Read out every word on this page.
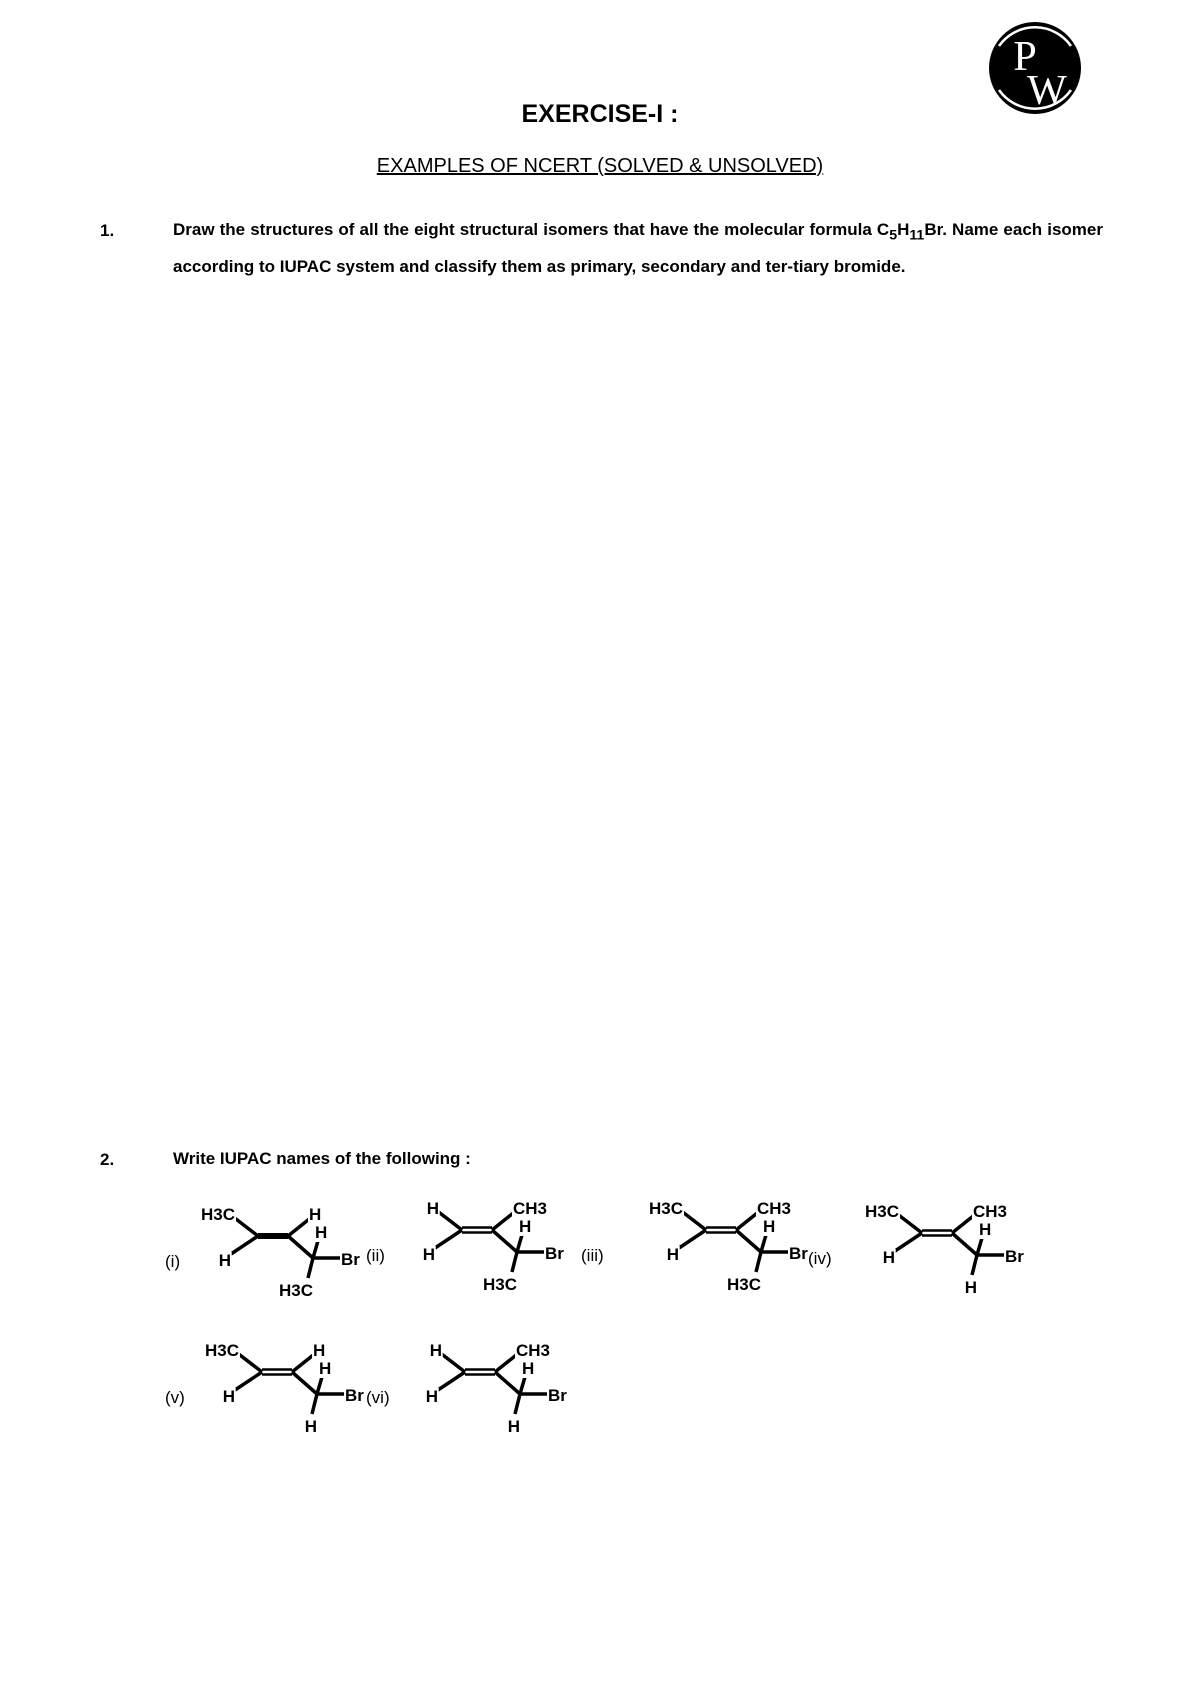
P
W
EXERCISE-I :
EXAMPLES OF NCERT (SOLVED & UNSOLVED)
1.	Draw the structures of all the eight structural isomers that have the molecular formula $C_5H_{11}Br$. Name each isomer according to IUPAC system and classify them as primary, secondary and ter-tiary bromide.
2.	Write IUPAC names of the following :
(i)
H3C
H
H
H
Br
H3C
(ii)
H
H
CH3
H
Br
H3C
(iii)
H3C
H
CH3
H
Br
H3C
(iv)
H3C
H
CH3
H
Br
H
(v)
H3C
H
H
H
Br
H
(vi)
H
H
CH3
H
Br
H
